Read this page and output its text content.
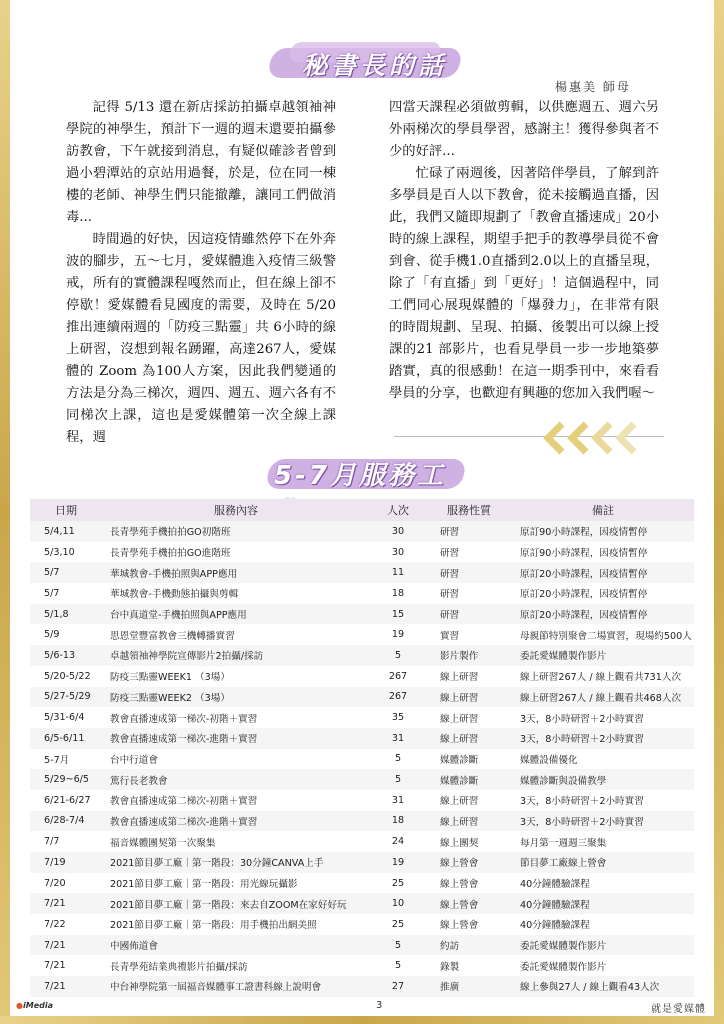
秘書長的話
楊惠美 師母

記得 5/13 還在新店採訪拍攝卓越領袖神學院的神學生，預計下一週的週末還要拍攝參訪教會，下午就接到消息，有疑似確診者曾到過小碧潭站的京站用過餐，於是，位在同一棟樓的老師、神學生們只能撤離，讓同工們做消毒...

時間過的好快，因這疫情雖然停下在外奔波的腳步，五～七月，愛媒體進入疫情三級警戒，所有的實體課程嘎然而止，但在線上卻不停歇！愛媒體看見國度的需要，及時在 5/20 推出連續兩週的「防疫三點靈」共 6小時的線上研習，沒想到報名踴躍，高達267人，愛媒體的 Zoom 為100人方案，因此我們變通的方法是分為三梯次，週四、週五、週六各有不同梯次上課，這也是愛媒體第一次全線上課程，週

四當天課程必須做剪輯，以供應週五、週六另外兩梯次的學員學習，感謝主！獲得參與者不少的好評...

忙碌了兩週後，因著陪伴學員，了解到許多學員是百人以下教會，從未接觸過直播，因此，我們又隨即規劃了「教會直播速成」20小時的線上課程，期望手把手的教導學員從不會到會、從手機1.0直播到2.0以上的直播呈現，除了「有直播」到「更好」！這個過程中，同工們同心展現媒體的「爆發力」，在非常有限的時間規劃、呈現、拍攝、後製出可以線上授課的21 部影片，也看見學員一步一步地築夢踏實，真的很感動！在這一期季刊中，來看看學員的分享，也歡迎有興趣的您加入我們喔～

5-7月服務工
日期	服務內容	人次	服務性質	備註
5/4,11	長青學苑手機拍拍GO初階班	30	研習	原訂90小時課程，因疫情暫停
5/3,10	長青學苑手機拍拍GO進階班	30	研習	原訂90小時課程，因疫情暫停
5/7	華城教會-手機拍照與APP應用	11	研習	原訂20小時課程，因疫情暫停
5/7	華城教會-手機動態拍攝與剪輯	18	研習	原訂20小時課程，因疫情暫停
5/1,8	台中真道堂-手機拍照與APP應用	15	研習	原訂20小時課程，因疫情暫停
5/9	思恩堂豐富教會三機轉播實習	19	實習	母親節特別聚會二場實習，現場約500人
5/6-13	卓越領袖神學院宣傳影片2拍攝/採訪	5	影片製作	委託愛媒體製作影片
5/20-5/22	防疫三點靈WEEK1 （3場）	267	線上研習	線上研習267人 / 線上觀看共731人次
5/27-5/29	防疫三點靈WEEK2 （3場）	267	線上研習	線上研習267人 / 線上觀看共468人次
5/31-6/4	教會直播速成第一梯次-初階＋實習	35	線上研習	3天，8小時研習＋2小時實習
6/5-6/11	教會直播速成第一梯次-進階＋實習	31	線上研習	3天，8小時研習＋2小時實習
5-7月	台中行道會	5	媒體診斷	媒體設備優化
5/29~6/5	篤行長老教會	5	媒體診斷	媒體診斷與設備教學
6/21-6/27	教會直播速成第二梯次-初階＋實習	31	線上研習	3天，8小時研習＋2小時實習
6/28-7/4	教會直播速成第二梯次-進階＋實習	18	線上研習	3天，8小時研習＋2小時實習
7/7	福音媒體團契第一次聚集	24	線上團契	每月第一週週三聚集
7/19	2021節目夢工廠｜第一階段：30分鐘CANVA上手	19	線上營會	節目夢工廠線上營會
7/20	2021節目夢工廠｜第一階段：用光線玩攝影	25	線上營會	40分鐘體驗課程
7/21	2021節目夢工廠｜第一階段：來去自ZOOM在家好好玩	10	線上營會	40分鐘體驗課程
7/22	2021節目夢工廠｜第一階段：用手機拍出網美照	25	線上營會	40分鐘體驗課程
7/21	中國佈道會	5	約訪	委託愛媒體製作影片
7/21	長青學苑結業典禮影片拍攝/採訪	5	錄製	委託愛媒體製作影片
7/21	中台神學院第一屆福音媒體事工證書科線上說明會	27	推廣	線上參與27人 / 線上觀看43人次
●iMedia	3	就是愛媒體
